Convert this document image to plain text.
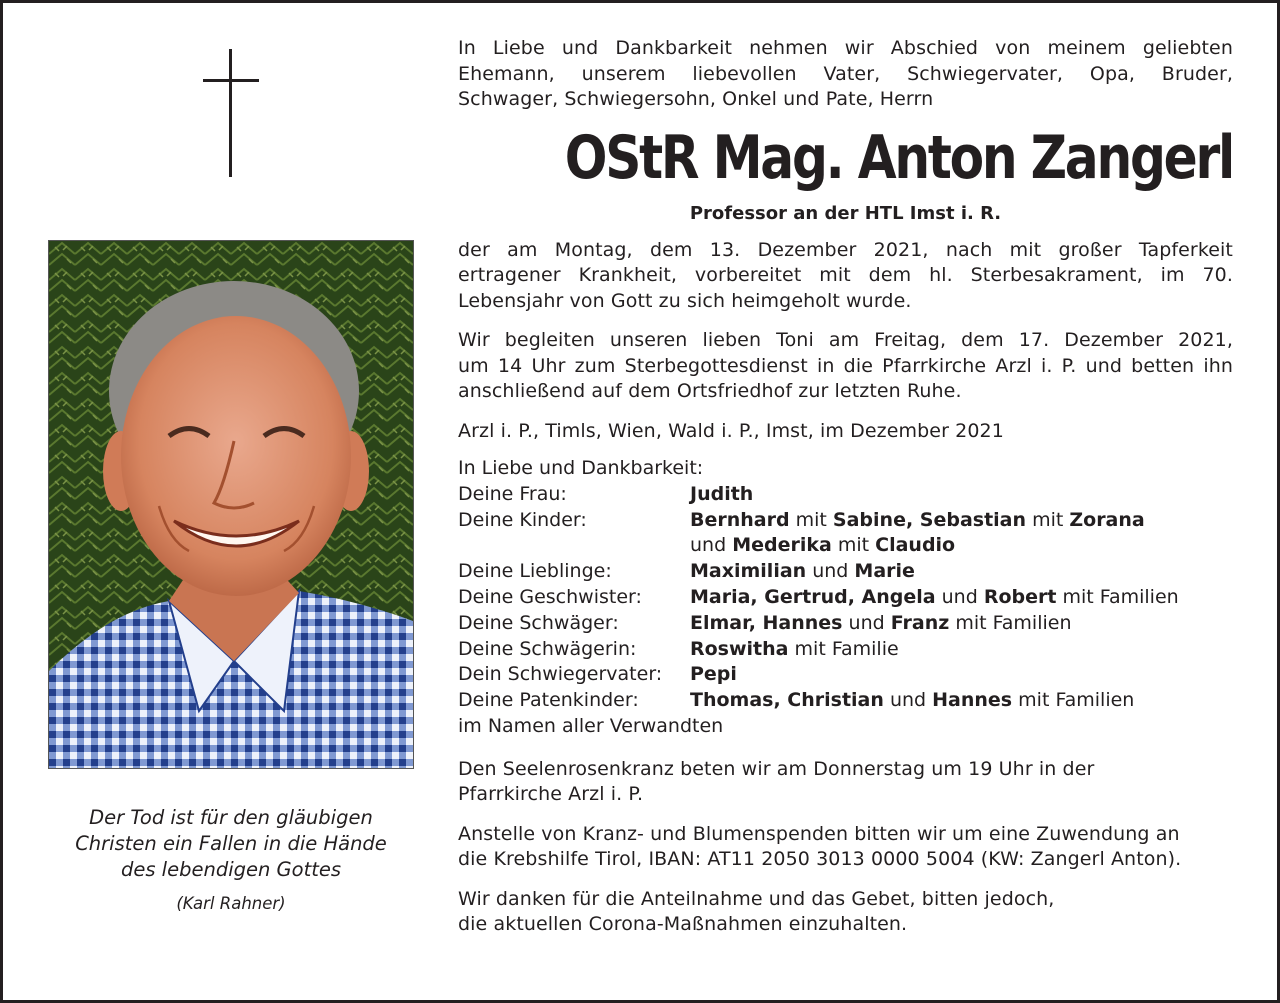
Der Tod ist für den gläubigen
Christen ein Fallen in die Hände
des lebendigen Gottes
(Karl Rahner)

In Liebe und Dankbarkeit nehmen wir Abschied von meinem geliebten
Ehemann, unserem liebevollen Vater, Schwiegervater, Opa, Bruder,
Schwager, Schwiegersohn, Onkel und Pate, Herrn

OStR Mag. Anton Zangerl
Professor an der HTL Imst i. R.

der am Montag, dem 13. Dezember 2021, nach mit großer Tapferkeit
ertragener Krankheit, vorbereitet mit dem hl. Sterbesakrament, im 70.
Lebensjahr von Gott zu sich heimgeholt wurde.

Wir begleiten unseren lieben Toni am Freitag, dem 17. Dezember 2021,
um 14 Uhr zum Sterbegottesdienst in die Pfarrkirche Arzl i. P. und betten ihn
anschließend auf dem Ortsfriedhof zur letzten Ruhe.

Arzl i. P., Timls, Wien, Wald i. P., Imst, im Dezember 2021

In Liebe und Dankbarkeit:
Deine Frau:	Judith
Deine Kinder:	Bernhard mit Sabine, Sebastian mit Zorana
und Mederika mit Claudio
Deine Lieblinge:	Maximilian und Marie
Deine Geschwister:	Maria, Gertrud, Angela und Robert mit Familien
Deine Schwäger:	Elmar, Hannes und Franz mit Familien
Deine Schwägerin:	Roswitha mit Familie
Dein Schwiegervater:	Pepi
Deine Patenkinder:	Thomas, Christian und Hannes mit Familien
im Namen aller Verwandten

Den Seelenrosenkranz beten wir am Donnerstag um 19 Uhr in der
Pfarrkirche Arzl i. P.

Anstelle von Kranz- und Blumenspenden bitten wir um eine Zuwendung an
die Krebshilfe Tirol, IBAN: AT11 2050 3013 0000 5004 (KW: Zangerl Anton).

Wir danken für die Anteilnahme und das Gebet, bitten jedoch,
die aktuellen Corona-Maßnahmen einzuhalten.
